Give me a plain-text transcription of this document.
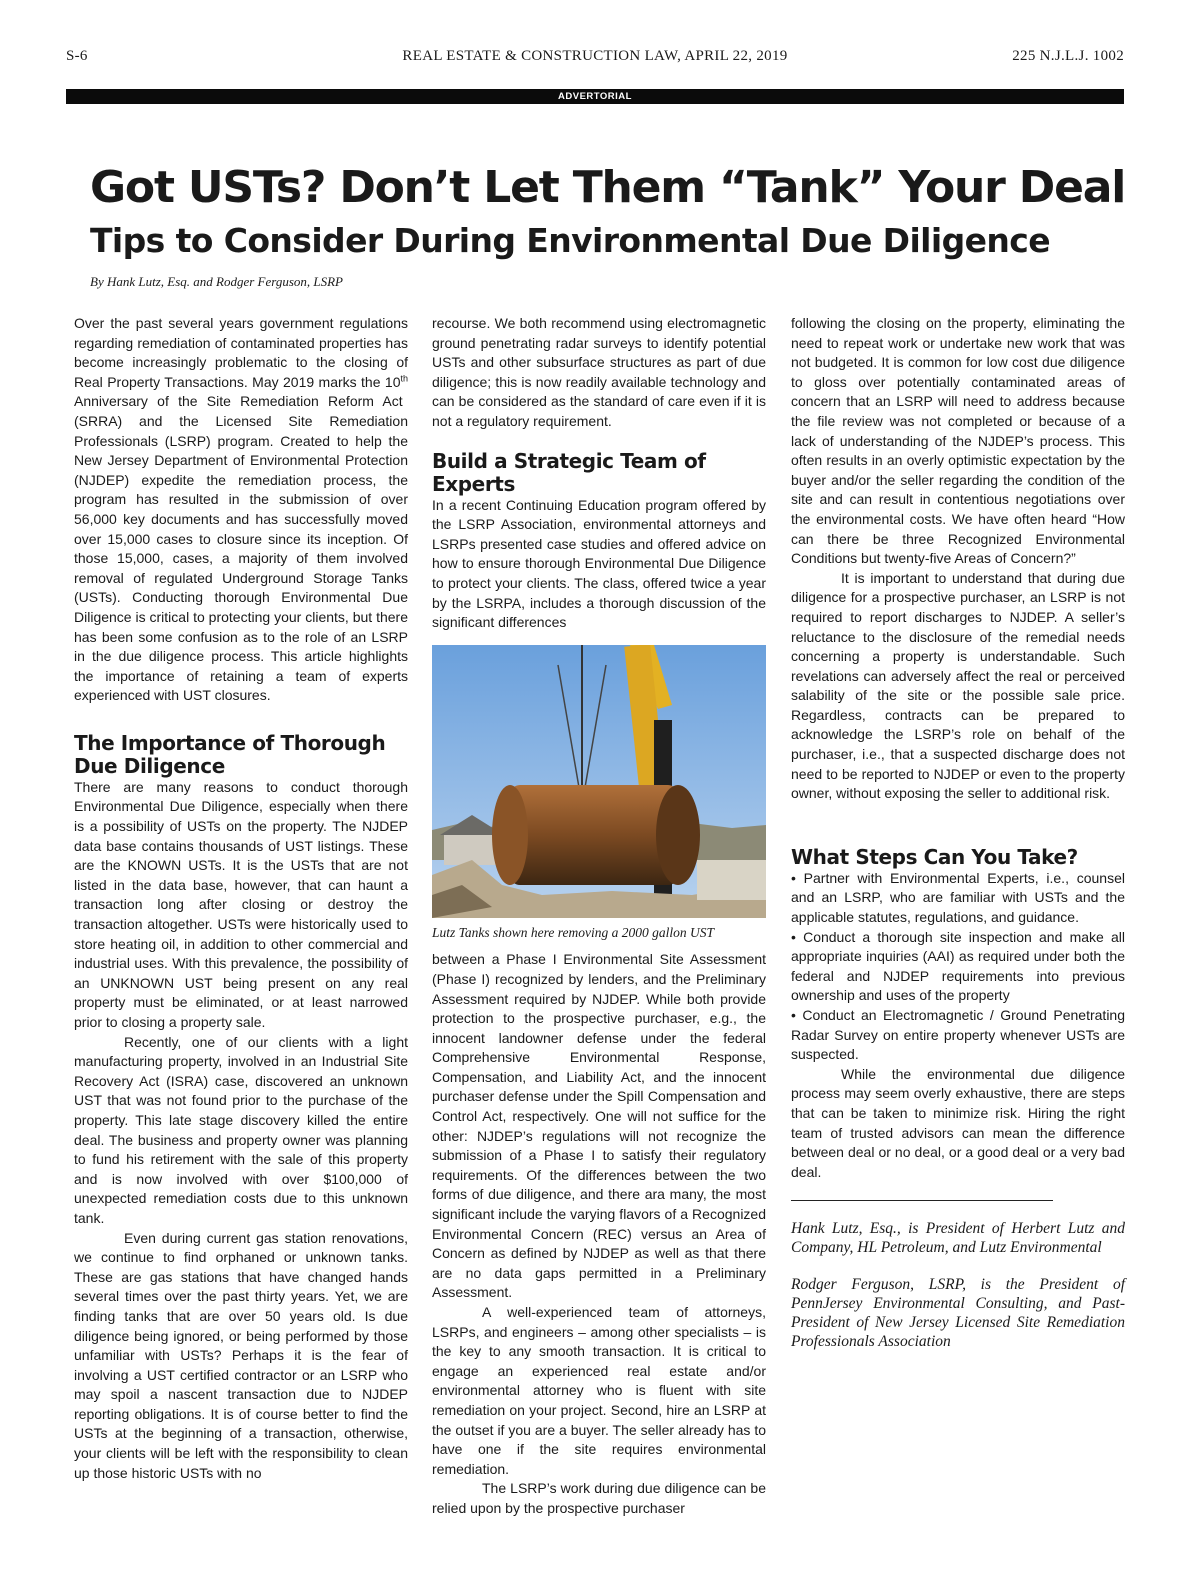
S-6	REAL ESTATE & CONSTRUCTION LAW, APRIL 22, 2019	225 N.J.L.J. 1002
ADVERTORIAL
Got USTs? Don’t Let Them “Tank” Your Deal
Tips to Consider During Environmental Due Diligence
By Hank Lutz, Esq. and Rodger Ferguson, LSRP

Over the past several years government regulations regarding remediation of contaminated properties has become increasingly problematic to the closing of Real Property Transactions. May 2019 marks the 10th Anniversary of the Site Remediation Reform Act (SRRA) and the Licensed Site Remediation Professionals (LSRP) program. Created to help the New Jersey Department of Environmental Protection (NJDEP) expedite the remediation process, the program has resulted in the submission of over 56,000 key documents and has successfully moved over 15,000 cases to closure since its inception. Of those 15,000, cases, a majority of them involved removal of regulated Underground Storage Tanks (USTs). Conducting thorough Environmental Due Diligence is critical to protecting your clients, but there has been some confusion as to the role of an LSRP in the due diligence process. This article highlights the importance of retaining a team of experts experienced with UST closures.

The Importance of Thorough
Due Diligence

There are many reasons to conduct thorough Environmental Due Diligence, especially when there is a possibility of USTs on the property. The NJDEP data base contains thousands of UST listings. These are the KNOWN USTs. It is the USTs that are not listed in the data base, however, that can haunt a transaction long after closing or destroy the transaction altogether. USTs were historically used to store heating oil, in addition to other commercial and industrial uses. With this prevalence, the possibility of an UNKNOWN UST being present on any real property must be eliminated, or at least narrowed prior to closing a property sale.

Recently, one of our clients with a light manufacturing property, involved in an Industrial Site Recovery Act (ISRA) case, discovered an unknown UST that was not found prior to the purchase of the property. This late stage discovery killed the entire deal. The business and property owner was planning to fund his retirement with the sale of this property and is now involved with over $100,000 of unexpected remediation costs due to this unknown tank.

Even during current gas station renovations, we continue to find orphaned or unknown tanks. These are gas stations that have changed hands several times over the past thirty years. Yet, we are finding tanks that are over 50 years old. Is due diligence being ignored, or being performed by those unfamiliar with USTs? Perhaps it is the fear of involving a UST certified contractor or an LSRP who may spoil a nascent transaction due to NJDEP reporting obligations. It is of course better to find the USTs at the beginning of a transaction, otherwise, your clients will be left with the responsibility to clean up those historic USTs with no

recourse. We both recommend using electromagnetic ground penetrating radar surveys to identify potential USTs and other subsurface structures as part of due diligence; this is now readily available technology and can be considered as the standard of care even if it is not a regulatory requirement.

Build a Strategic Team of Experts

In a recent Continuing Education program offered by the LSRP Association, environmental attorneys and LSRPs presented case studies and offered advice on how to ensure thorough Environmental Due Diligence to protect your clients. The class, offered twice a year by the LSRPA, includes a thorough discussion of the significant differences

Lutz Tanks shown here removing a 2000 gallon UST

between a Phase I Environmental Site Assessment (Phase I) recognized by lenders, and the Preliminary Assessment required by NJDEP. While both provide protection to the prospective purchaser, e.g., the innocent landowner defense under the federal Comprehensive Environmental Response, Compensation, and Liability Act, and the innocent purchaser defense under the Spill Compensation and Control Act, respectively. One will not suffice for the other: NJDEP’s regulations will not recognize the submission of a Phase I to satisfy their regulatory requirements. Of the differences between the two forms of due diligence, and there ara many, the most significant include the varying flavors of a Recognized Environmental Concern (REC) versus an Area of Concern as defined by NJDEP as well as that there are no data gaps permitted in a Preliminary Assessment.

A well-experienced team of attorneys, LSRPs, and engineers – among other specialists – is the key to any smooth transaction. It is critical to engage an experienced real estate and/or environmental attorney who is fluent with site remediation on your project. Second, hire an LSRP at the outset if you are a buyer. The seller already has to have one if the site requires environmental remediation.

The LSRP’s work during due diligence can be relied upon by the prospective purchaser

following the closing on the property, eliminating the need to repeat work or undertake new work that was not budgeted. It is common for low cost due diligence to gloss over potentially contaminated areas of concern that an LSRP will need to address because the file review was not completed or because of a lack of understanding of the NJDEP’s process. This often results in an overly optimistic expectation by the buyer and/or the seller regarding the condition of the site and can result in contentious negotiations over the environmental costs. We have often heard “How can there be three Recognized Environmental Conditions but twenty-five Areas of Concern?”

It is important to understand that during due diligence for a prospective purchaser, an LSRP is not required to report discharges to NJDEP. A seller’s reluctance to the disclosure of the remedial needs concerning a property is understandable. Such revelations can adversely affect the real or perceived salability of the site or the possible sale price. Regardless, contracts can be prepared to acknowledge the LSRP’s role on behalf of the purchaser, i.e., that a suspected discharge does not need to be reported to NJDEP or even to the property owner, without exposing the seller to additional risk.

What Steps Can You Take?

• Partner with Environmental Experts, i.e., counsel and an LSRP, who are familiar with USTs and the applicable statutes, regulations, and guidance.

• Conduct a thorough site inspection and make all appropriate inquiries (AAI) as required under both the federal and NJDEP requirements into previous ownership and uses of the property

• Conduct an Electromagnetic / Ground Penetrating Radar Survey on entire property whenever USTs are suspected.

While the environmental due diligence process may seem overly exhaustive, there are steps that can be taken to minimize risk. Hiring the right team of trusted advisors can mean the difference between deal or no deal, or a good deal or a very bad deal.

Hank Lutz, Esq., is President of Herbert Lutz and Company, HL Petroleum, and Lutz Environmental

Rodger Ferguson, LSRP, is the President of PennJersey Environmental Consulting, and Past-President of New Jersey Licensed Site Remediation Professionals Association
